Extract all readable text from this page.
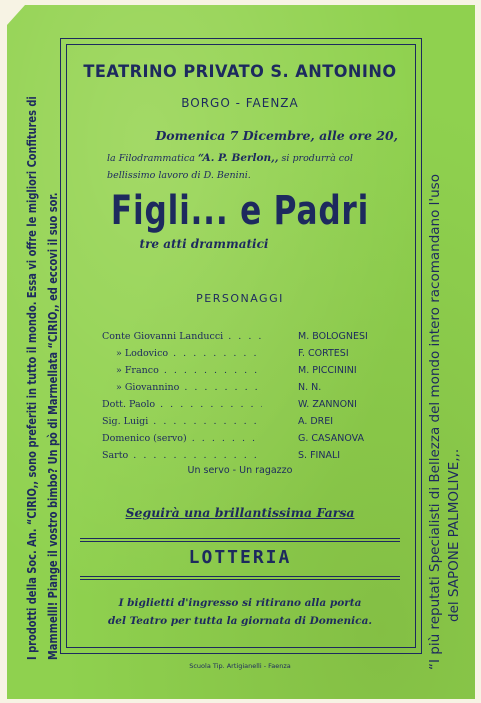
TEATRINO PRIVATO S. ANTONINO
BORGO - FAENZA
Domenica 7 Dicembre, alle ore 20,
la Filodrammatica “A. P. Berlon,, si produrrà col
bellissimo lavoro di D. Benini.
Figli... e Padri
tre atti drammatici
PERSONAGGI
Conte Giovanni Landucci . . .	M. BOLOGNESI
» Lodovico . . .	F. CORTESI
» Franco . . .	M. PICCININI
» Giovannino . . .	N. N.
Dott. Paolo . . .	W. ZANNONI
Sig. Luigi . . .	A. DREI
Domenico (servo) . . .	G. CASANOVA
Sarto . . .	S. FINALI
Un servo - Un ragazzo
Seguirà una brillantissima Farsa
LOTTERIA
I biglietti d'ingresso si ritirano alla porta
del Teatro per tutta la giornata di Domenica.
Scuola Tip. Artigianelli - Faenza
I prodotti della Soc. An. “CIRIO,, sono preferiti in tutto il mondo. Essa vi offre le migliori Confitures di Mammelll! Piange il vostro bimbo? Un pò di Marmellata “CIRIO,, ed eccovi il suo sor.	“I più reputati Specialisti di Bellezza del mondo intero racomandano l'uso del SAPONE PALMOLIVE,,.
